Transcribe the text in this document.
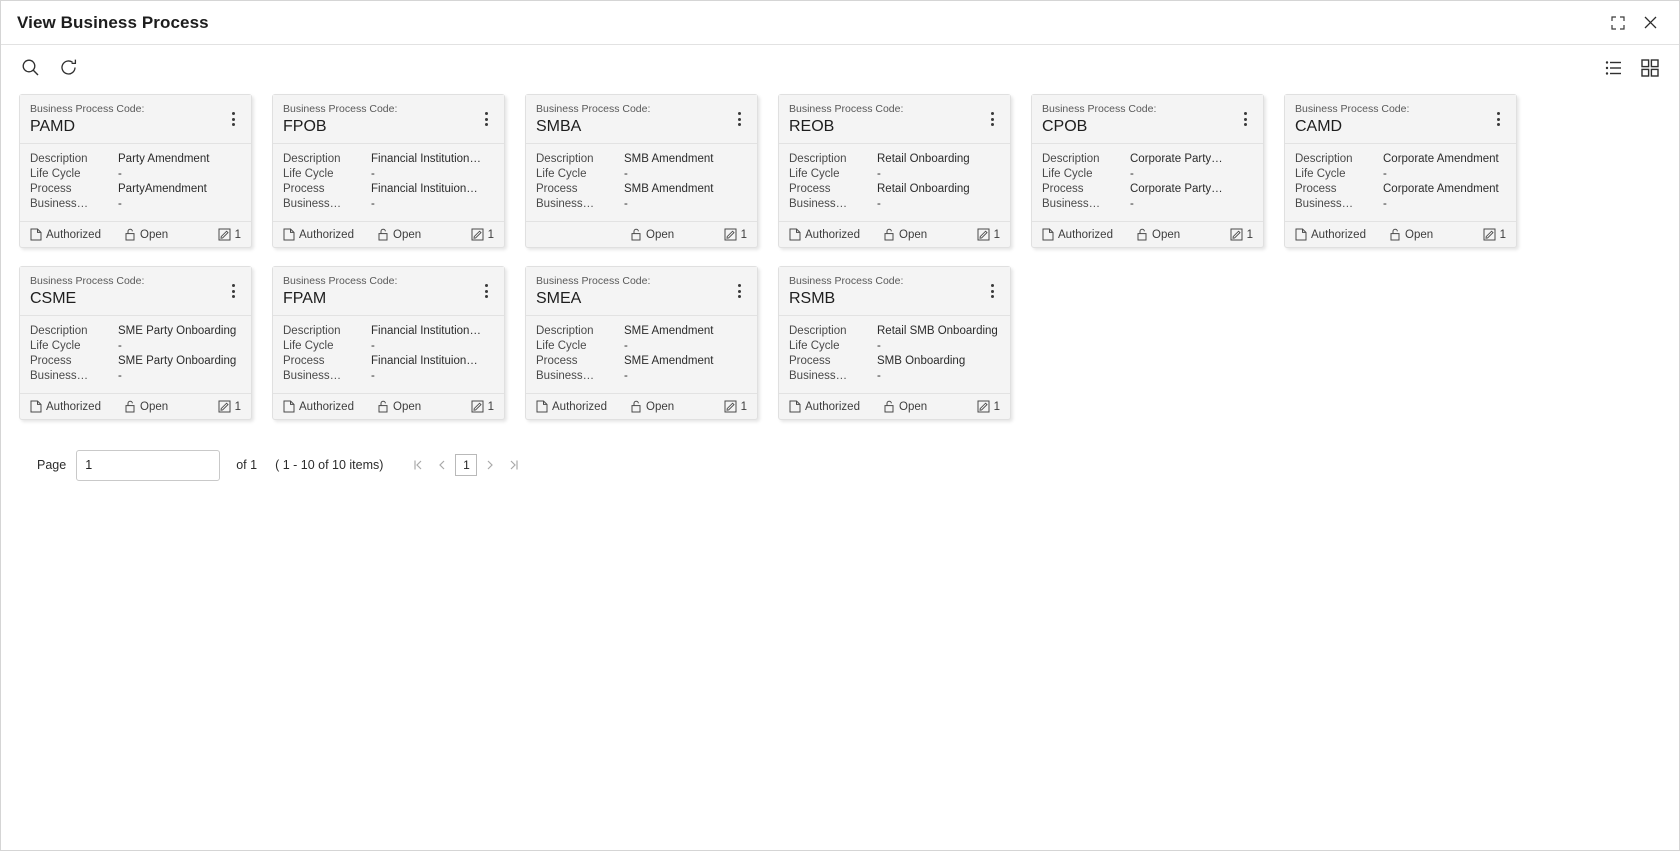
View Business Process
Business Process Code:
PAMD
Description	Party Amendment
Life Cycle	-
Process	PartyAmendment
Business…	-
Authorized	Open	1
Business Process Code:
FPOB
Description	Financial Institution…
Life Cycle	-
Process	Financial Instituion…
Business…	-
Authorized	Open	1
Business Process Code:
SMBA
Description	SMB Amendment
Life Cycle	-
Process	SMB Amendment
Business…	-
Open	1
Business Process Code:
REOB
Description	Retail Onboarding
Life Cycle	-
Process	Retail Onboarding
Business…	-
Authorized	Open	1
Business Process Code:
CPOB
Description	Corporate Party…
Life Cycle	-
Process	Corporate Party…
Business…	-
Authorized	Open	1
Business Process Code:
CAMD
Description	Corporate Amendment
Life Cycle	-
Process	Corporate Amendment
Business…	-
Authorized	Open	1
Business Process Code:
CSME
Description	SME Party Onboarding
Life Cycle	-
Process	SME Party Onboarding
Business…	-
Authorized	Open	1
Business Process Code:
FPAM
Description	Financial Institution…
Life Cycle	-
Process	Financial Instituion…
Business…	-
Authorized	Open	1
Business Process Code:
SMEA
Description	SME Amendment
Life Cycle	-
Process	SME Amendment
Business…	-
Authorized	Open	1
Business Process Code:
RSMB
Description	Retail SMB Onboarding
Life Cycle	-
Process	SMB Onboarding
Business…	-
Authorized	Open	1
Page
1	of 1 ( 1 - 10 of 10 items)	1
